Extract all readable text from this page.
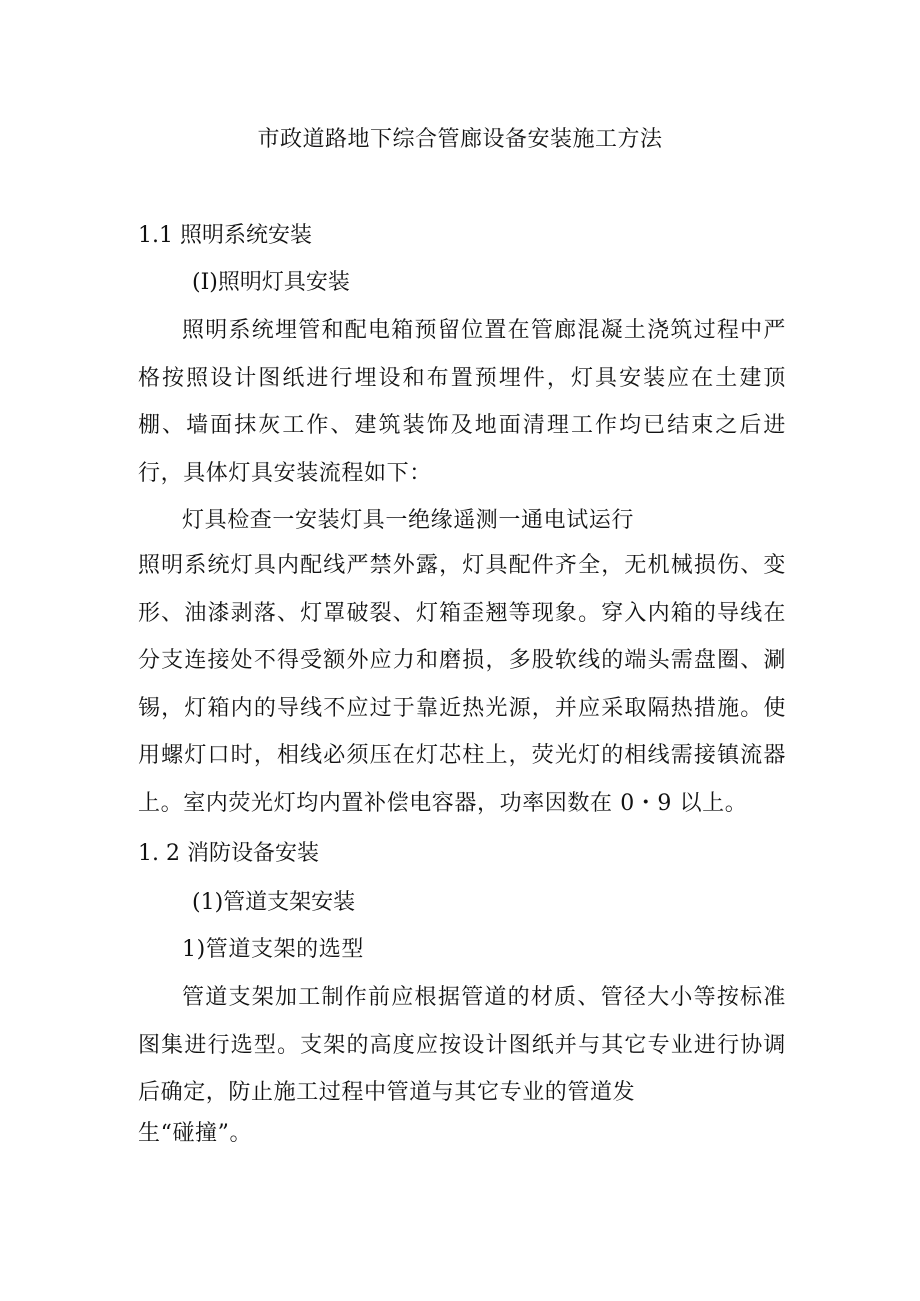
市政道路地下综合管廊设备安装施工方法
1.1 照明系统安装
(I)照明灯具安装
照明系统埋管和配电箱预留位置在管廊混凝土浇筑过程中严格按照设计图纸进行埋设和布置预埋件，灯具安装应在土建顶棚、墙面抹灰工作、建筑装饰及地面清理工作均已结束之后进行，具体灯具安装流程如下：
灯具检查一安装灯具一绝缘遥测一通电试运行
照明系统灯具内配线严禁外露，灯具配件齐全，无机械损伤、变形、油漆剥落、灯罩破裂、灯箱歪翘等现象。穿入内箱的导线在分支连接处不得受额外应力和磨损，多股软线的端头需盘圈、涮锡，灯箱内的导线不应过于靠近热光源，并应采取隔热措施。使用螺灯口时，相线必须压在灯芯柱上，荧光灯的相线需接镇流器上。室内荧光灯均内置补偿电容器，功率因数在 0・9 以上。
1. 2 消防设备安装
(1)管道支架安装
1)管道支架的选型
管道支架加工制作前应根据管道的材质、管径大小等按标准图集进行选型。支架的高度应按设计图纸并与其它专业进行协调后确定，防止施工过程中管道与其它专业的管道发
生“碰撞”。
